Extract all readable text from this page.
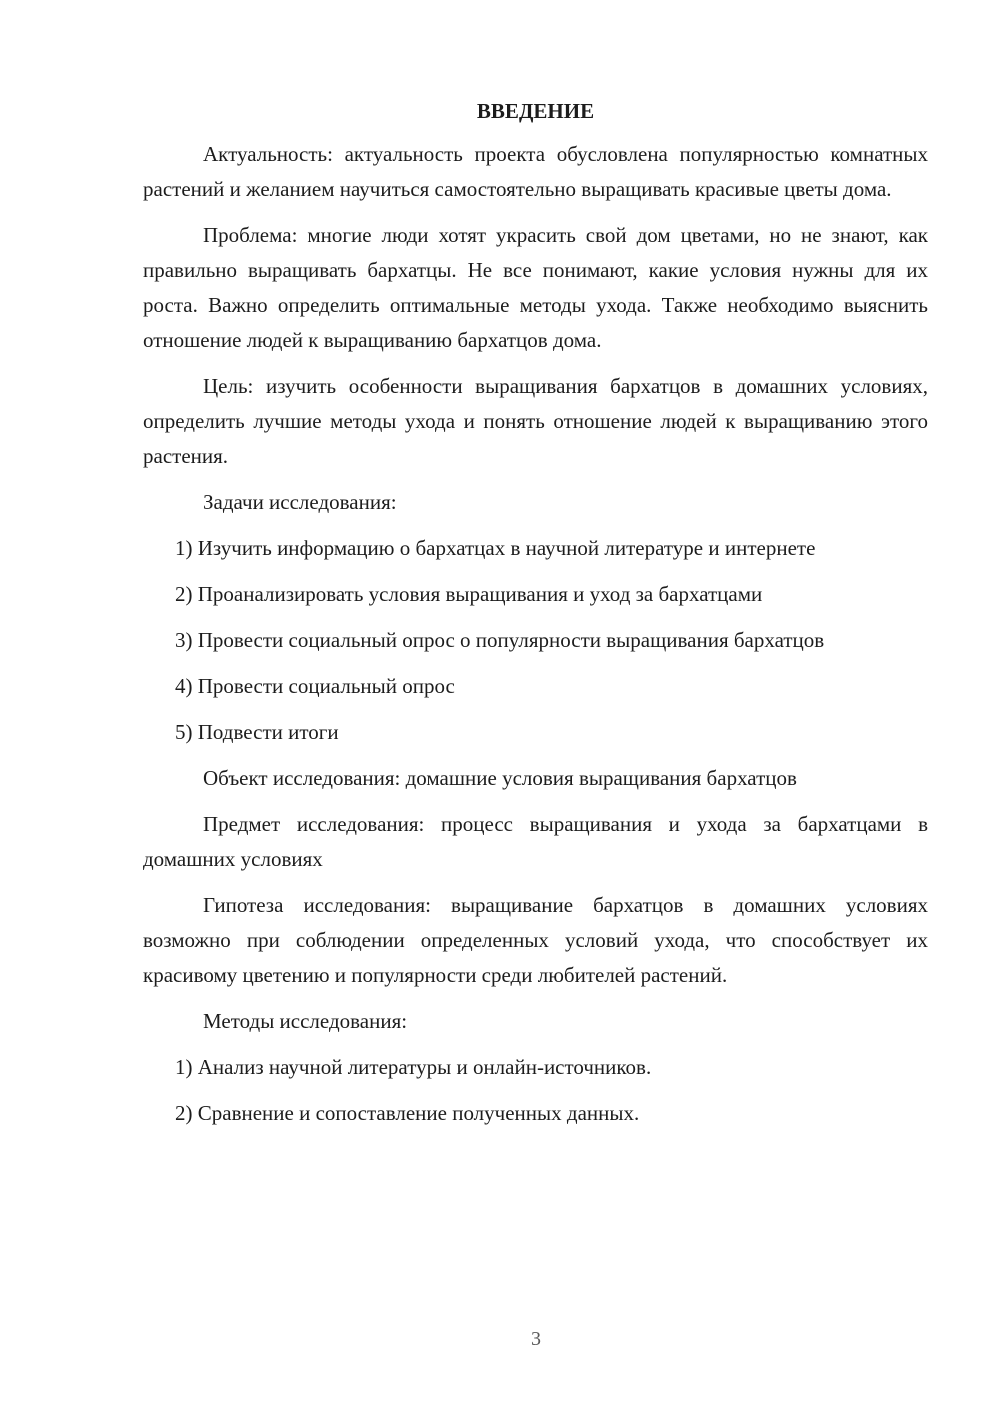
ВВЕДЕНИЕ

Актуальность: актуальность проекта обусловлена популярностью комнатных растений и желанием научиться самостоятельно выращивать красивые цветы дома.

Проблема: многие люди хотят украсить свой дом цветами, но не знают, как правильно выращивать бархатцы. Не все понимают, какие условия нужны для их роста. Важно определить оптимальные методы ухода. Также необходимо выяснить отношение людей к выращиванию бархатцов дома.

Цель: изучить особенности выращивания бархатцов в домашних условиях, определить лучшие методы ухода и понять отношение людей к выращиванию этого растения.

Задачи исследования:

1) Изучить информацию о бархатцах в научной литературе и интернете

2) Проанализировать условия выращивания и уход за бархатцами

3) Провести социальный опрос о популярности выращивания бархатцов

4) Провести социальный опрос

5) Подвести итоги

Объект исследования: домашние условия выращивания бархатцов

Предмет исследования: процесс выращивания и ухода за бархатцами в домашних условиях

Гипотеза исследования: выращивание бархатцов в домашних условиях возможно при соблюдении определенных условий ухода, что способствует их красивому цветению и популярности среди любителей растений.

Методы исследования:

1) Анализ научной литературы и онлайн-источников.

2) Сравнение и сопоставление полученных данных.

3
